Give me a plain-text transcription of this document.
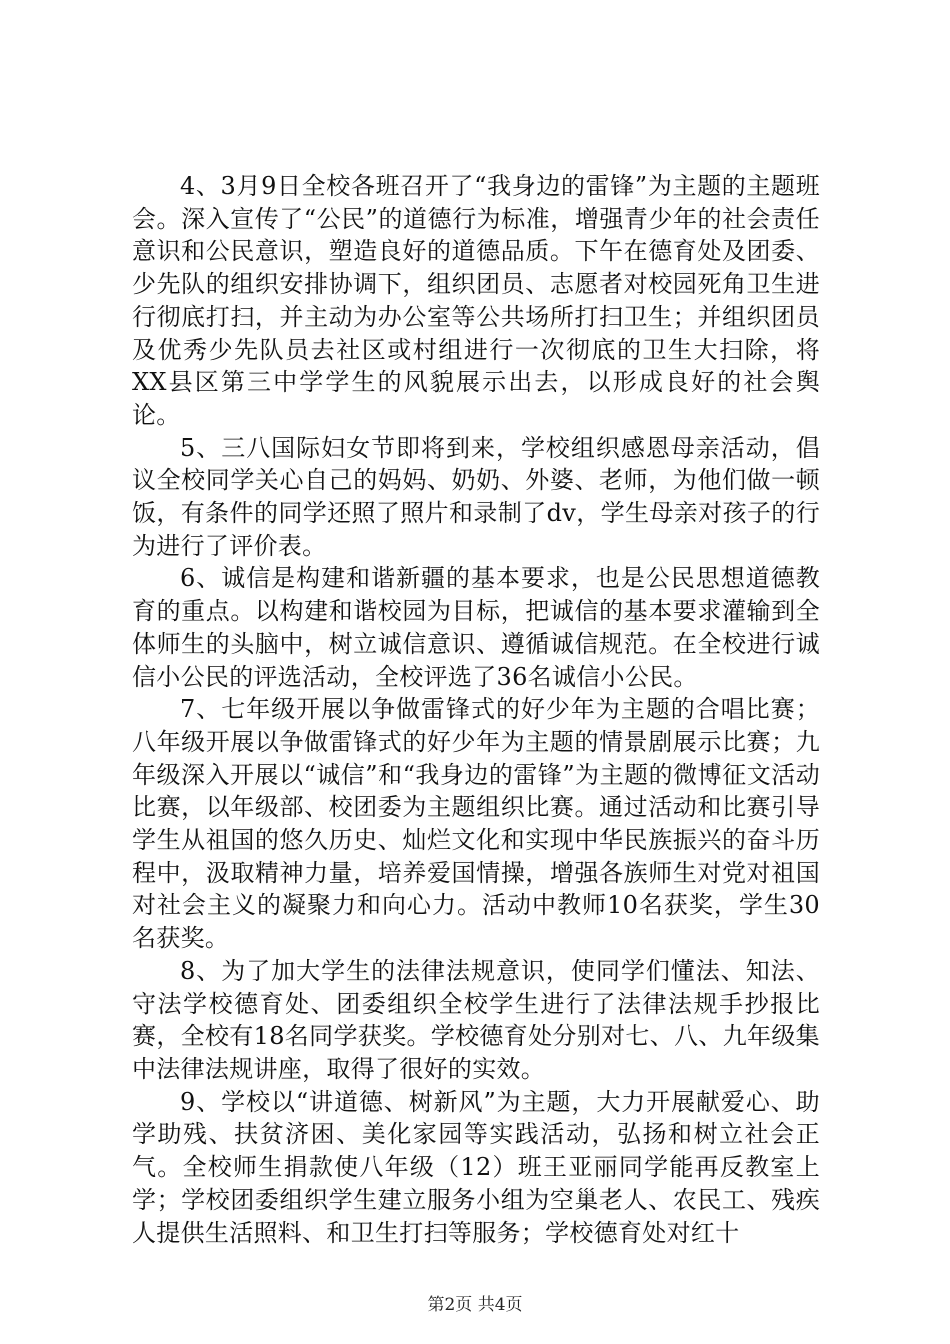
4、3月9日全校各班召开了“我身边的雷锋”为主题的主题班会。深入宣传了“公民”的道德行为标准，增强青少年的社会责任意识和公民意识，塑造良好的道德品质。下午在德育处及团委、少先队的组织安排协调下，组织团员、志愿者对校园死角卫生进行彻底打扫，并主动为办公室等公共场所打扫卫生；并组织团员及优秀少先队员去社区或村组进行一次彻底的卫生大扫除，将XX县区第三中学学生的风貌展示出去，以形成良好的社会舆论。

5、三八国际妇女节即将到来，学校组织感恩母亲活动，倡议全校同学关心自己的妈妈、奶奶、外婆、老师，为他们做一顿饭，有条件的同学还照了照片和录制了dv，学生母亲对孩子的行为进行了评价表。

6、诚信是构建和谐新疆的基本要求，也是公民思想道德教育的重点。以构建和谐校园为目标，把诚信的基本要求灌输到全体师生的头脑中，树立诚信意识、遵循诚信规范。在全校进行诚信小公民的评选活动，全校评选了36名诚信小公民。

7、七年级开展以争做雷锋式的好少年为主题的合唱比赛；八年级开展以争做雷锋式的好少年为主题的情景剧展示比赛；九年级深入开展以“诚信”和“我身边的雷锋”为主题的微博征文活动比赛，以年级部、校团委为主题组织比赛。通过活动和比赛引导学生从祖国的悠久历史、灿烂文化和实现中华民族振兴的奋斗历程中，汲取精神力量，培养爱国情操，增强各族师生对党对祖国对社会主义的凝聚力和向心力。活动中教师10名获奖，学生30名获奖。

8、为了加大学生的法律法规意识，使同学们懂法、知法、守法学校德育处、团委组织全校学生进行了法律法规手抄报比赛，全校有18名同学获奖。学校德育处分别对七、八、九年级集中法律法规讲座，取得了很好的实效。

9、学校以“讲道德、树新风”为主题，大力开展献爱心、助学助残、扶贫济困、美化家园等实践活动，弘扬和树立社会正气。全校师生捐款使八年级（12）班王亚丽同学能再反教室上学；学校团委组织学生建立服务小组为空巢老人、农民工、残疾人提供生活照料、和卫生打扫等服务；学校德育处对红十

第2页 共4页
